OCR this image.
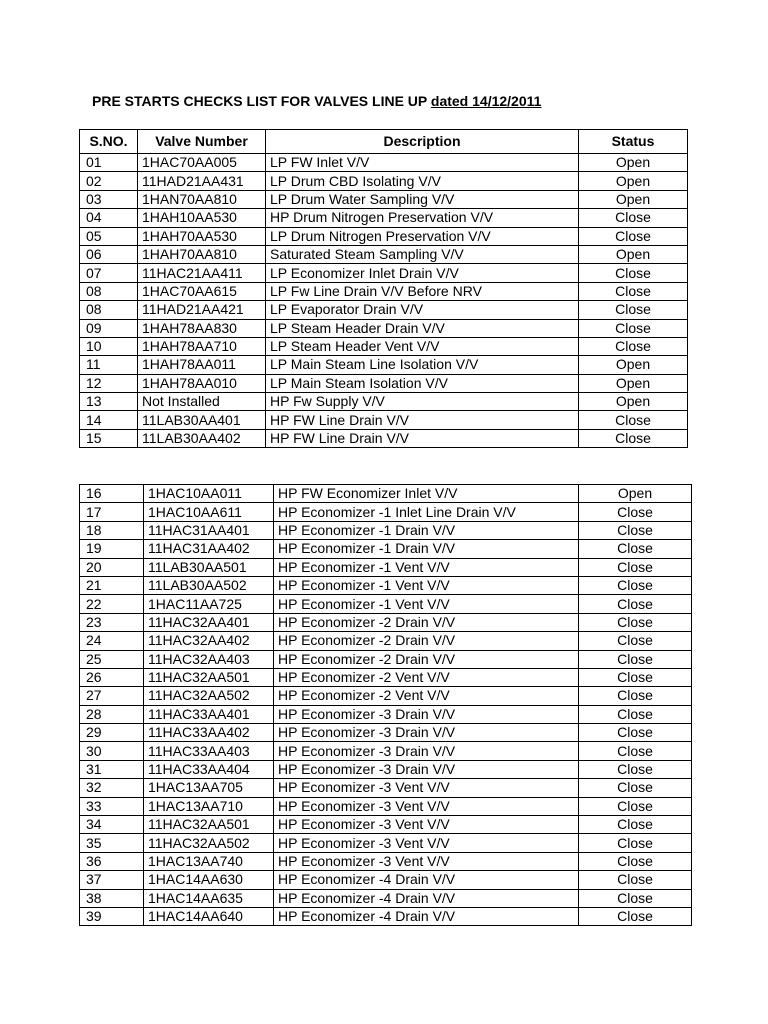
PRE STARTS CHECKS LIST FOR VALVES LINE UP dated 14/12/2011
S.NO.	Valve Number	Description	Status
01	1HAC70AA005	LP FW Inlet V/V	Open
02	11HAD21AA431	LP Drum CBD Isolating V/V	Open
03	1HAN70AA810	LP Drum Water Sampling V/V	Open
04	1HAH10AA530	HP Drum Nitrogen Preservation V/V	Close
05	1HAH70AA530	LP Drum Nitrogen Preservation V/V	Close
06	1HAH70AA810	Saturated Steam Sampling V/V	Open
07	11HAC21AA411	LP Economizer Inlet Drain V/V	Close
08	1HAC70AA615	LP Fw Line Drain V/V Before NRV	Close
08	11HAD21AA421	LP Evaporator Drain V/V	Close
09	1HAH78AA830	LP Steam Header Drain V/V	Close
10	1HAH78AA710	LP Steam Header Vent V/V	Close
11	1HAH78AA011	LP Main Steam Line Isolation V/V	Open
12	1HAH78AA010	LP Main Steam Isolation V/V	Open
13	Not Installed	HP Fw Supply V/V	Open
14	11LAB30AA401	HP FW Line Drain V/V	Close
15	11LAB30AA402	HP FW Line Drain V/V	Close
16	1HAC10AA011	HP FW Economizer Inlet V/V	Open
17	1HAC10AA611	HP Economizer -1 Inlet Line Drain V/V	Close
18	11HAC31AA401	HP Economizer -1 Drain V/V	Close
19	11HAC31AA402	HP Economizer -1 Drain V/V	Close
20	11LAB30AA501	HP Economizer -1 Vent V/V	Close
21	11LAB30AA502	HP Economizer -1 Vent V/V	Close
22	1HAC11AA725	HP Economizer -1 Vent V/V	Close
23	11HAC32AA401	HP Economizer -2 Drain V/V	Close
24	11HAC32AA402	HP Economizer -2 Drain V/V	Close
25	11HAC32AA403	HP Economizer -2 Drain V/V	Close
26	11HAC32AA501	HP Economizer -2 Vent V/V	Close
27	11HAC32AA502	HP Economizer -2 Vent V/V	Close
28	11HAC33AA401	HP Economizer -3 Drain V/V	Close
29	11HAC33AA402	HP Economizer -3 Drain V/V	Close
30	11HAC33AA403	HP Economizer -3 Drain V/V	Close
31	11HAC33AA404	HP Economizer -3 Drain V/V	Close
32	1HAC13AA705	HP Economizer -3 Vent V/V	Close
33	1HAC13AA710	HP Economizer -3 Vent V/V	Close
34	11HAC32AA501	HP Economizer -3 Vent V/V	Close
35	11HAC32AA502	HP Economizer -3 Vent V/V	Close
36	1HAC13AA740	HP Economizer -3 Vent V/V	Close
37	1HAC14AA630	HP Economizer -4 Drain V/V	Close
38	1HAC14AA635	HP Economizer -4 Drain V/V	Close
39	1HAC14AA640	HP Economizer -4 Drain V/V	Close
